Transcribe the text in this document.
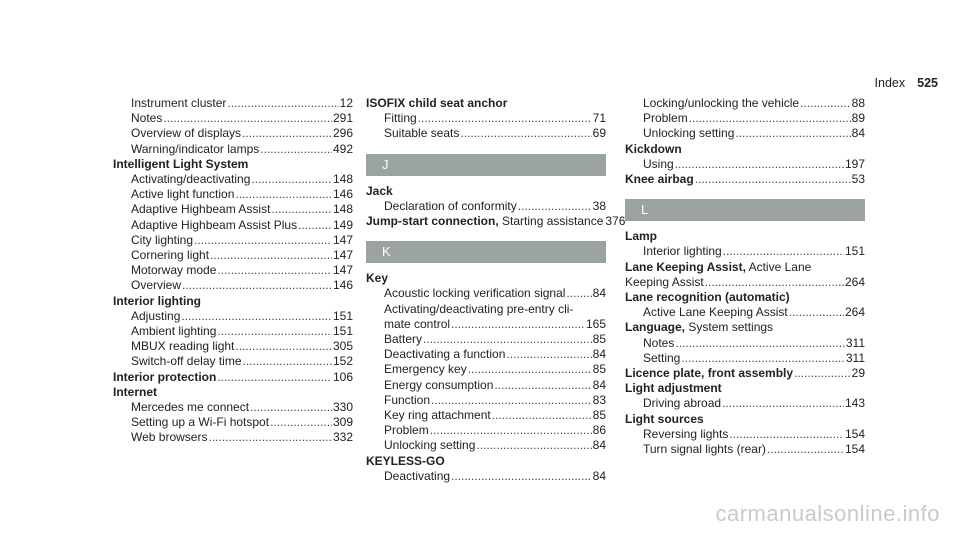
Index 525
Instrument cluster .....	12
Notes .....	291
Overview of displays .....	296
Warning/indicator lamps .....	492
Intelligent Light System
Activating/deactivating .....	148
Active light function .....	146
Adaptive Highbeam Assist .....	148
Adaptive Highbeam Assist Plus .....	149
City lighting .....	147
Cornering light .....	147
Motorway mode .....	147
Overview .....	146
Interior lighting
Adjusting .....	151
Ambient lighting .....	151
MBUX reading light .....	305
Switch-off delay time .....	152
Interior protection .....	106
Internet
Mercedes me connect .....	330
Setting up a Wi-Fi hotspot .....	309
Web browsers .....	332
ISOFIX child seat anchor
Fitting .....	71
Suitable seats .....	69
J
Jack
Declaration of conformity .....	38
Jump-start connection, Starting assistance 376
K
Key
Acoustic locking verification signal ..... 84
Activating/deactivating pre-entry cli-
mate control .....	165
Battery .....	85
Deactivating a function .....	84
Emergency key .....	85
Energy consumption .....	84
Function .....	83
Key ring attachment .....	85
Problem .....	86
Unlocking setting .....	84
KEYLESS-GO
Deactivating .....	84
Locking/unlocking the vehicle .....	88
Problem .....	89
Unlocking setting .....	84
Kickdown
Using .....	197
Knee airbag .....	53
L
Lamp
Interior lighting .....	151
Lane Keeping Assist, Active Lane
Keeping Assist .....	264
Lane recognition (automatic)
Active Lane Keeping Assist .....	264
Language, System settings
Notes .....	311
Setting .....	311
Licence plate, front assembly .....	29
Light adjustment
Driving abroad .....	143
Light sources
Reversing lights .....	154
Turn signal lights (rear) .....	154
carmanualsonline.info
